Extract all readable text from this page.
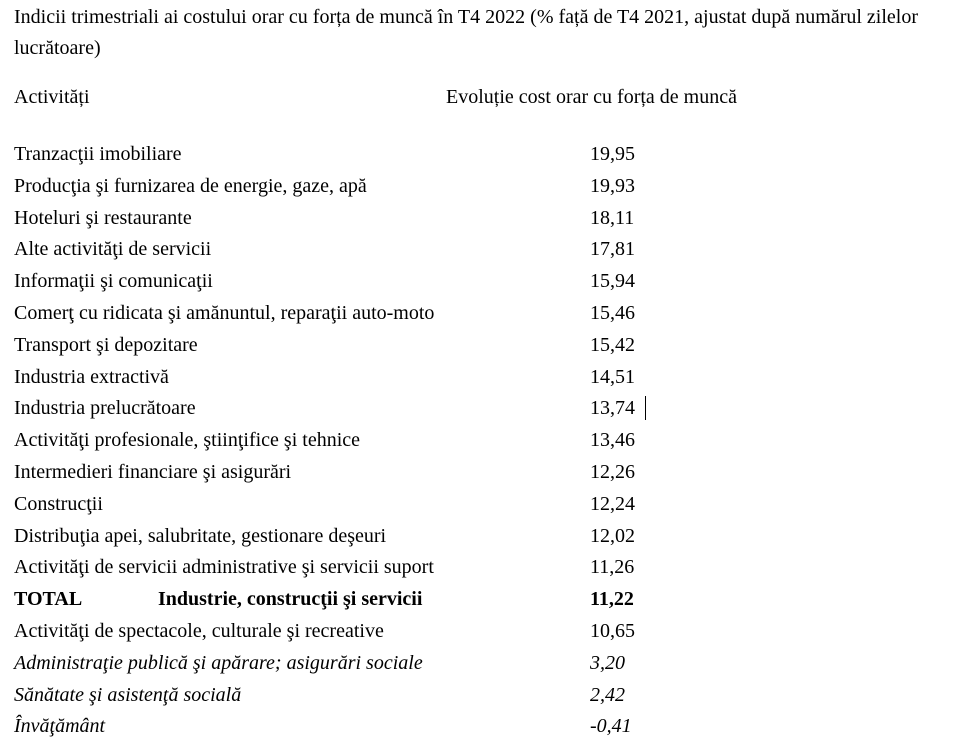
Indicii trimestriali ai costului orar cu forța de muncă în T4 2022 (% față de T4 2021, ajustat după numărul zilelor lucrătoare)
Activități	Evoluție cost orar cu forța de muncă
Tranzacţii imobiliare	19,95
Producţia şi furnizarea de energie, gaze, apă	19,93
Hoteluri şi restaurante	18,11
Alte activităţi de servicii	17,81
Informaţii şi comunicaţii	15,94
Comerţ cu ridicata şi amănuntul, reparaţii auto-moto	15,46
Transport şi depozitare	15,42
Industria extractivă	14,51
Industria prelucrătoare	13,74
Activităţi profesionale, ştiinţifice şi tehnice	13,46
Intermedieri financiare şi asigurări	12,26
Construcţii	12,24
Distribuţia apei, salubritate, gestionare deşeuri	12,02
Activităţi de servicii administrative şi servicii suport	11,26
TOTAL	Industrie, construcţii şi servicii	11,22
Activităţi de spectacole, culturale şi recreative	10,65
Administraţie publică şi apărare; asigurări sociale	3,20
Sănătate şi asistenţă socială	2,42
Învăţământ	-0,41
